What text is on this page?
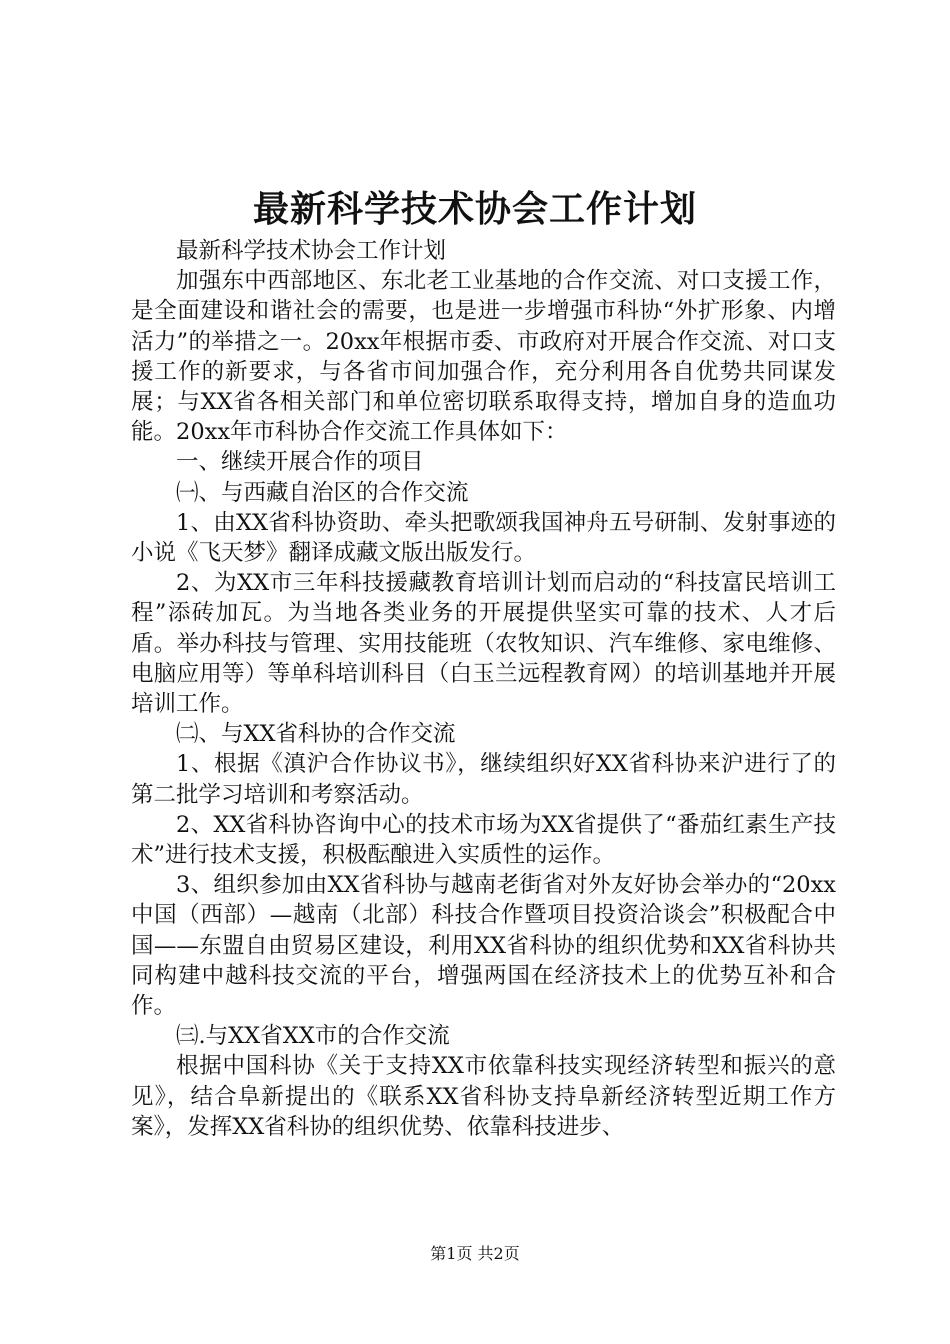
最新科学技术协会工作计划

最新科学技术协会工作计划

加强东中西部地区、东北老工业基地的合作交流、对口支援工作，是全面建设和谐社会的需要，也是进一步增强市科协“外扩形象、内增活力”的举措之一。20xx年根据市委、市政府对开展合作交流、对口支援工作的新要求，与各省市间加强合作，充分利用各自优势共同谋发展；与XX省各相关部门和单位密切联系取得支持，增加自身的造血功能。20xx年市科协合作交流工作具体如下：

一、继续开展合作的项目

㈠、与西藏自治区的合作交流

1、由XX省科协资助、牵头把歌颂我国神舟五号研制、发射事迹的小说《飞天梦》翻译成藏文版出版发行。

2、为XX市三年科技援藏教育培训计划而启动的“科技富民培训工程”添砖加瓦。为当地各类业务的开展提供坚实可靠的技术、人才后盾。举办科技与管理、实用技能班（农牧知识、汽车维修、家电维修、电脑应用等）等单科培训科目（白玉兰远程教育网）的培训基地并开展培训工作。

㈡、与XX省科协的合作交流

1、根据《滇沪合作协议书》，继续组织好XX省科协来沪进行了的第二批学习培训和考察活动。

2、XX省科协咨询中心的技术市场为XX省提供了“番茄红素生产技术”进行技术支援，积极酝酿进入实质性的运作。

3、组织参加由XX省科协与越南老街省对外友好协会举办的“20xx中国（西部）—越南（北部）科技合作暨项目投资洽谈会”积极配合中国——东盟自由贸易区建设，利用XX省科协的组织优势和XX省科协共同构建中越科技交流的平台，增强两国在经济技术上的优势互补和合作。

㈢.与XX省XX市的合作交流

根据中国科协《关于支持XX市依靠科技实现经济转型和振兴的意见》，结合阜新提出的《联系XX省科协支持阜新经济转型近期工作方案》，发挥XX省科协的组织优势、依靠科技进步、

第1页 共2页
